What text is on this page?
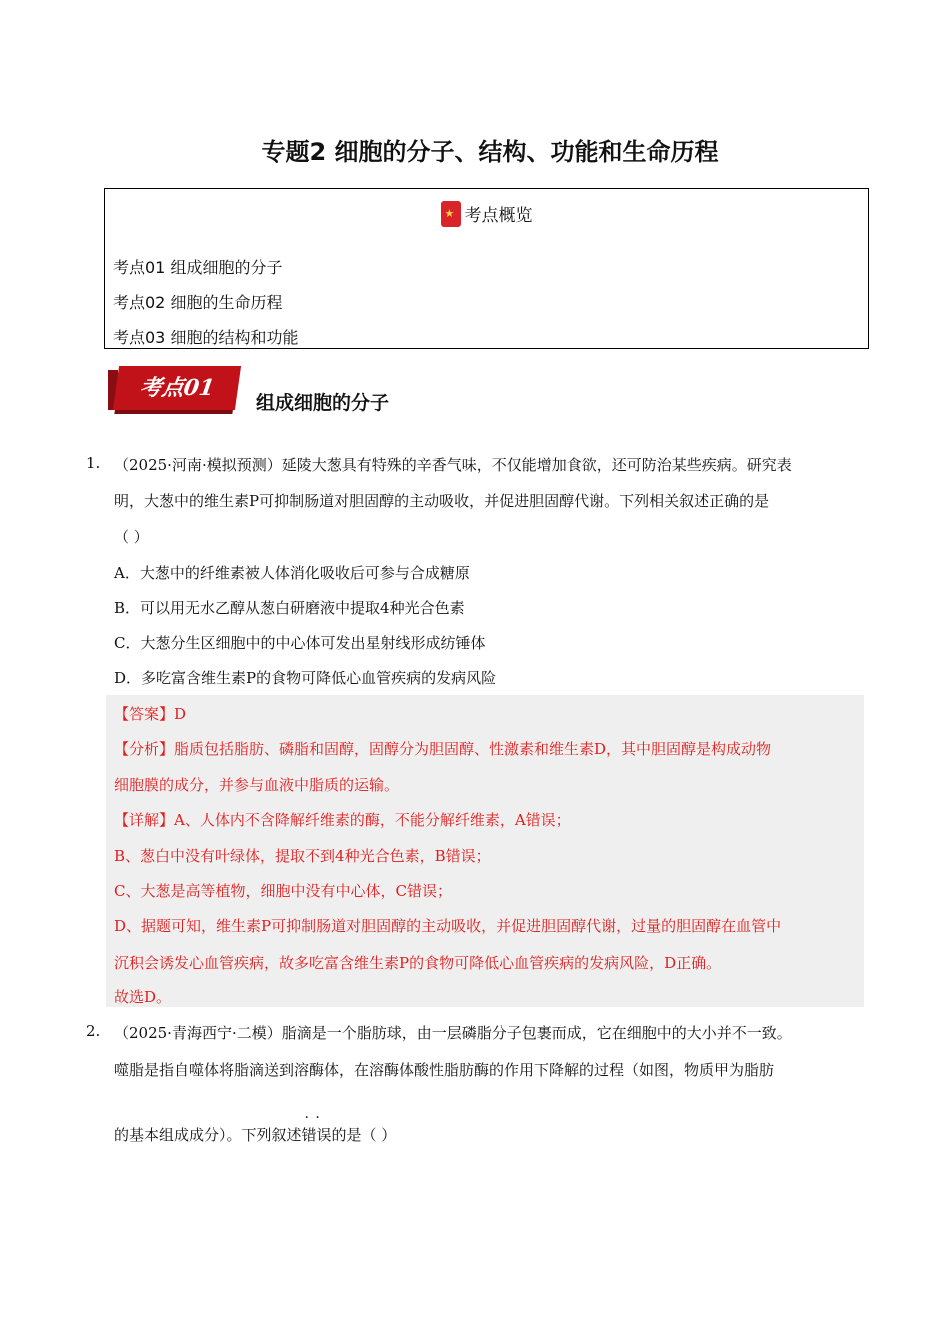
专题2 细胞的分子、结构、功能和生命历程
★考点概览
考点01 组成细胞的分子
考点02 细胞的生命历程
考点03 细胞的结构和功能
考点01
组成细胞的分子
1. （2025·河南·模拟预测）延陵大葱具有特殊的辛香气味，不仅能增加食欲，还可防治某些疾病。研究表
明，大葱中的维生素P可抑制肠道对胆固醇的主动吸收，并促进胆固醇代谢。下列相关叙述正确的是
（ ）
A．大葱中的纤维素被人体消化吸收后可参与合成糖原
B．可以用无水乙醇从葱白研磨液中提取4种光合色素
C．大葱分生区细胞中的中心体可发出星射线形成纺锤体
D．多吃富含维生素P的食物可降低心血管疾病的发病风险
【答案】D
【分析】脂质包括脂肪、磷脂和固醇，固醇分为胆固醇、性激素和维生素D，其中胆固醇是构成动物
细胞膜的成分，并参与血液中脂质的运输。
【详解】A、人体内不含降解纤维素的酶，不能分解纤维素，A错误；
B、葱白中没有叶绿体，提取不到4种光合色素，B错误；
C、大葱是高等植物，细胞中没有中心体，C错误；
D、据题可知，维生素P可抑制肠道对胆固醇的主动吸收，并促进胆固醇代谢，过量的胆固醇在血管中
沉积会诱发心血管疾病，故多吃富含维生素P的食物可降低心血管疾病的发病风险，D正确。
故选D。
2. （2025·青海西宁·二模）脂滴是一个脂肪球，由一层磷脂分子包裹而成，它在细胞中的大小并不一致。
噬脂是指自噬体将脂滴送到溶酶体，在溶酶体酸性脂肪酶的作用下降解的过程（如图，物质甲为脂肪
的基本组成成分）。下列叙述· · 错误的是（ ）
